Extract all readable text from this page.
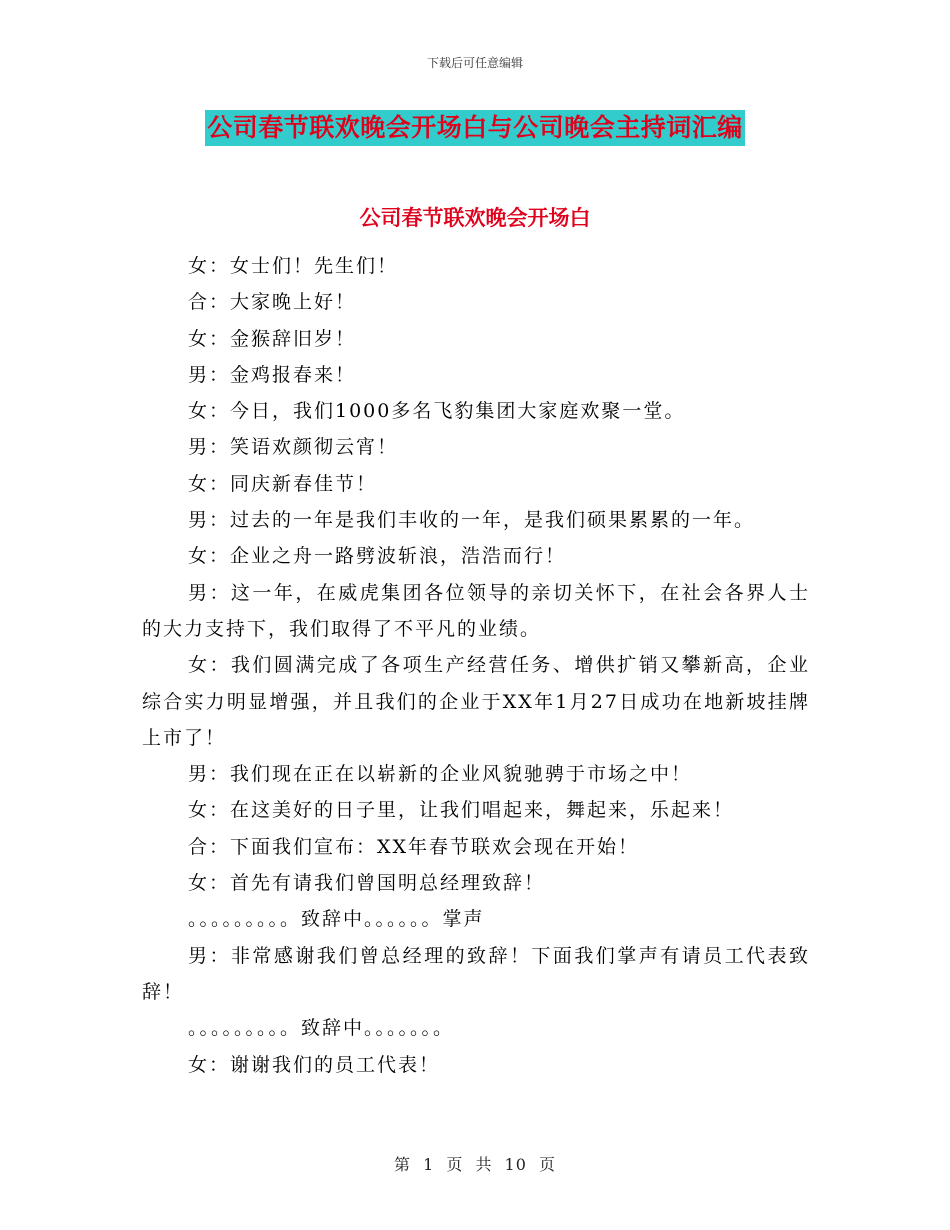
下载后可任意编辑
公司春节联欢晚会开场白与公司晚会主持词汇编
公司春节联欢晚会开场白

女：女士们！先生们！

合：大家晚上好！

女：金猴辞旧岁！

男：金鸡报春来！

女：今日，我们1000多名飞豹集团大家庭欢聚一堂。

男：笑语欢颜彻云宵！

女：同庆新春佳节！

男：过去的一年是我们丰收的一年，是我们硕果累累的一年。

女：企业之舟一路劈波斩浪，浩浩而行！

男：这一年，在威虎集团各位领导的亲切关怀下，在社会各界人士的大力支持下，我们取得了不平凡的业绩。

女：我们圆满完成了各项生产经营任务、增供扩销又攀新高，企业综合实力明显增强，并且我们的企业于XX年1月27日成功在地新坡挂牌上市了！

男：我们现在正在以崭新的企业风貌驰骋于市场之中！

女：在这美好的日子里，让我们唱起来，舞起来，乐起来！

合：下面我们宣布：XX年春节联欢会现在开始！

女：首先有请我们曾国明总经理致辞！

。。。。。。。。。致辞中。。。。。。掌声

男：非常感谢我们曾总经理的致辞！下面我们掌声有请员工代表致辞！

。。。。。。。。。致辞中。。。。。。。

女：谢谢我们的员工代表！

第 1 页 共 10 页
